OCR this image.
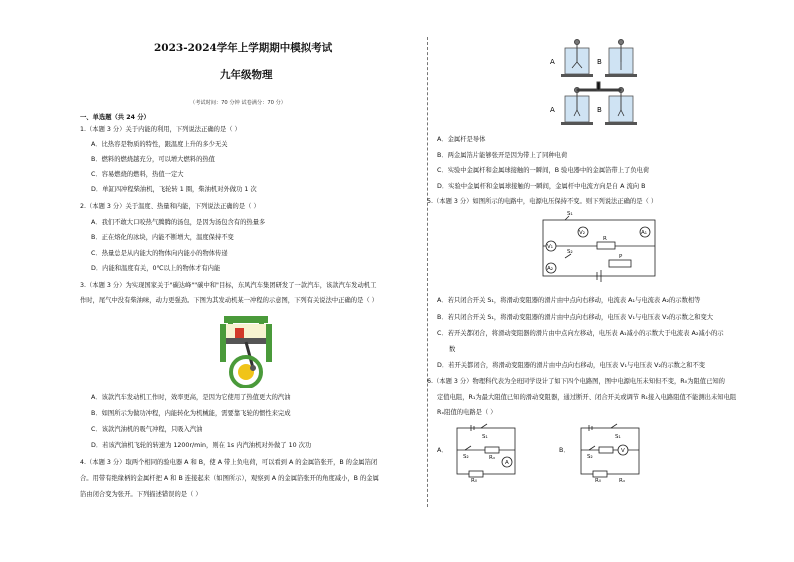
2023-2024学年上学期期中模拟考试
九年级物理
（考试时间：70 分钟 试卷满分：70 分）
一、单选题（共 24 分）
1.（本题 3 分）关于内能的利用，下列说法正确的是（ ）
A．比热容是物质的特性，跟温度上升的多少无关
B．燃料的燃烧越充分，可以增大燃料的热值
C．容易燃烧的燃料，热值一定大
D．单缸四冲程柴油机，飞轮转 1 圈，柴油机对外做功 1 次
2.（本题 3 分）关于温度、热量和内能，下列说法正确的是（ ）
A．我们不敢大口咬热气腾腾的汤包，是因为汤包含有的热量多
B．正在熔化的冰块，内能不断增大，温度保持不变
C．热量总是从内能大的物体向内能小的物体传递
D．内能和温度有关，0℃以上的物体才有内能
3.（本题 3 分）为实现国家关于"碳达峰""碳中和"目标，东风汽车集团研发了一款汽车，该款汽车发动机工
作时，尾气中没有柴油味，动力更强劲。下图为其发动机某一冲程的示意图，下列有关说法中正确的是（ ）
A．该款汽车发动机工作时，效率更高，是因为它使用了热值更大的汽油
B．如图所示为做功冲程，内能转化为机械能，需要靠飞轮的惯性来完成
C．该款汽油机的吸气冲程，只吸入汽油
D．若该汽油机飞轮的转速为 1200r/min，则在 1s 内汽油机对外做了 10 次功
4.（本题 3 分）取两个相同的验电器 A 和 B，使 A 带上负电荷，可以看到 A 的金属箔张开，B 的金属箔闭
合。用带有绝缘柄的金属杆把 A 和 B 连接起来（如图所示），观察到 A 的金属箔张开的角度减小，B 的金属
箔由闭合变为张开。下列描述错误的是（ ）
A	B
A	B
A．金属杆是导体
B．两金属箔片能够张开是因为带上了同种电荷
C．实验中金属杆和金属球接触的一瞬间，B 验电器中的金属箔带上了负电荷
D．实验中金属杆和金属球接触的一瞬间，金属杆中电流方向是自 A 流向 B
5.（本题 3 分）如图所示的电路中，电源电压保持不变。则下列说法正确的是（ ）
V₁
V₂	A₁
A₂
S₁
S₂
R
P
A．若只闭合开关 S₁，将滑动变阻器的滑片由中点向右移动，电流表 A₁与电流表 A₂的示数相等
B．若只闭合开关 S₁，将滑动变阻器的滑片由中点向右移动，电压表 V₁与电压表 V₂的示数之和变大
C．若开关都闭合，将滑动变阻器的滑片由中点向左移动，电压表 A₁减小的示数大于电流表 A₂减小的示
数
D．若开关都闭合，将滑动变阻器的滑片由中点向右移动，电压表 V₁与电压表 V₂的示数之和不变
6.（本题 3 分）物理科代表为全班同学设计了如下四个电路图，图中电源电压未知但不变，R₀为阻值已知的
定值电阻，R₁为最大阻值已知的滑动变阻器，通过断开、闭合开关或调节 R₁接入电路阻值不能测出未知电阻
Rₓ阻值的电路是（ ）
A．
S₁
S₂	Rₓ
R₀
A
B．
S₁
S₂
V
R₀	Rₓ
